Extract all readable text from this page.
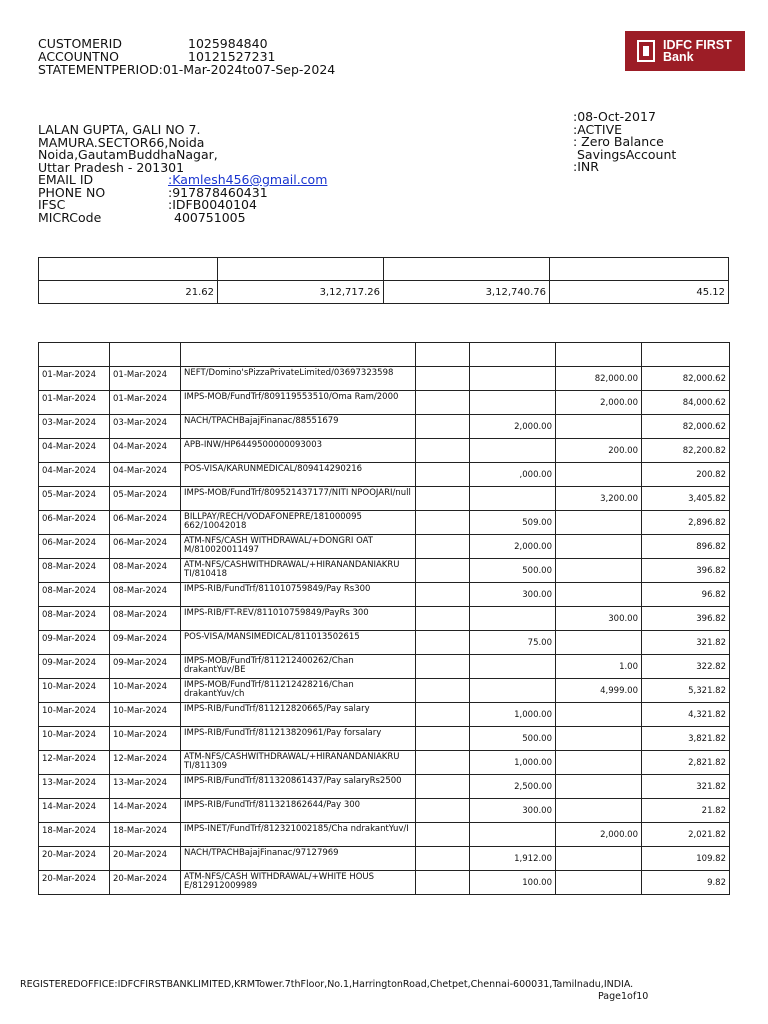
CUSTOMERID	1025984840
ACCOUNTNO	10121527231
STATEMENTPERIOD:01-Mar-2024to07-Sep-2024
IDFC FIRST
Bank
LALAN GUPTA, GALI NO 7.
MAMURA.SECTOR66,Noida
Noida,GautamBuddhaNagar,
Uttar Pradesh - 201301
EMAIL ID	:Kamlesh456@gmail.com
PHONE NO	:917878460431
IFSC	:IDFB0040104
MICRCode	400751005
:08-Oct-2017
:ACTIVE
: Zero Balance
SavingsAccount
:INR

21.62	3,12,717.26	3,12,740.76	45.12

01-Mar-2024	01-Mar-2024	NEFT/Domino'sPizzaPrivateLimited/03697323598			82,000.00	82,000.62
01-Mar-2024	01-Mar-2024	IMPS-MOB/FundTrf/809119553510/Oma Ram/2000			2,000.00	84,000.62
03-Mar-2024	03-Mar-2024	NACH/TPACHBajajFinanac/88551679		2,000.00		82,000.62
04-Mar-2024	04-Mar-2024	APB-INW/HP6449500000093003			200.00	82,200.82
04-Mar-2024	04-Mar-2024	POS-VISA/KARUNMEDICAL/809414290216		,000.00		200.82
05-Mar-2024	05-Mar-2024	IMPS-MOB/FundTrf/809521437177/NITI NPOOJARI/null			3,200.00	3,405.82
06-Mar-2024	06-Mar-2024	BILLPAY/RECH/VODAFONEPRE/181000095 662/10042018		509.00		2,896.82
06-Mar-2024	06-Mar-2024	ATM-NFS/CASH WITHDRAWAL/+DONGRI OAT M/810020011497		2,000.00		896.82
08-Mar-2024	08-Mar-2024	ATM-NFS/CASHWITHDRAWAL/+HIRANANDANIAKRU TI/810418		500.00		396.82
08-Mar-2024	08-Mar-2024	IMPS-RIB/FundTrf/811010759849/Pay Rs300		300.00		96.82
08-Mar-2024	08-Mar-2024	IMPS-RIB/FT-REV/811010759849/PayRs 300			300.00	396.82
09-Mar-2024	09-Mar-2024	POS-VISA/MANSIMEDICAL/811013502615		75.00		321.82
09-Mar-2024	09-Mar-2024	IMPS-MOB/FundTrf/811212400262/Chan drakantYuv/BE			1.00	322.82
10-Mar-2024	10-Mar-2024	IMPS-MOB/FundTrf/811212428216/Chan drakantYuv/ch			4,999.00	5,321.82
10-Mar-2024	10-Mar-2024	IMPS-RIB/FundTrf/811212820665/Pay salary		1,000.00		4,321.82
10-Mar-2024	10-Mar-2024	IMPS-RIB/FundTrf/811213820961/Pay forsalary		500.00		3,821.82
12-Mar-2024	12-Mar-2024	ATM-NFS/CASHWITHDRAWAL/+HIRANANDANIAKRU TI/811309		1,000.00		2,821.82
13-Mar-2024	13-Mar-2024	IMPS-RIB/FundTrf/811320861437/Pay salaryRs2500		2,500.00		321.82
14-Mar-2024	14-Mar-2024	IMPS-RIB/FundTrf/811321862644/Pay 300		300.00		21.82
18-Mar-2024	18-Mar-2024	IMPS-INET/FundTrf/812321002185/Cha ndrakantYuv/I			2,000.00	2,021.82
20-Mar-2024	20-Mar-2024	NACH/TPACHBajajFinanac/97127969		1,912.00		109.82
20-Mar-2024	20-Mar-2024	ATM-NFS/CASH WITHDRAWAL/+WHITE HOUS E/812912009989		100.00		9.82
REGISTEREDOFFICE:IDFCFIRSTBANKLIMITED,KRMTower.7thFloor,No.1,HarringtonRoad,Chetpet,Chennai-600031,Tamilnadu,INDIA.
Page1of10
